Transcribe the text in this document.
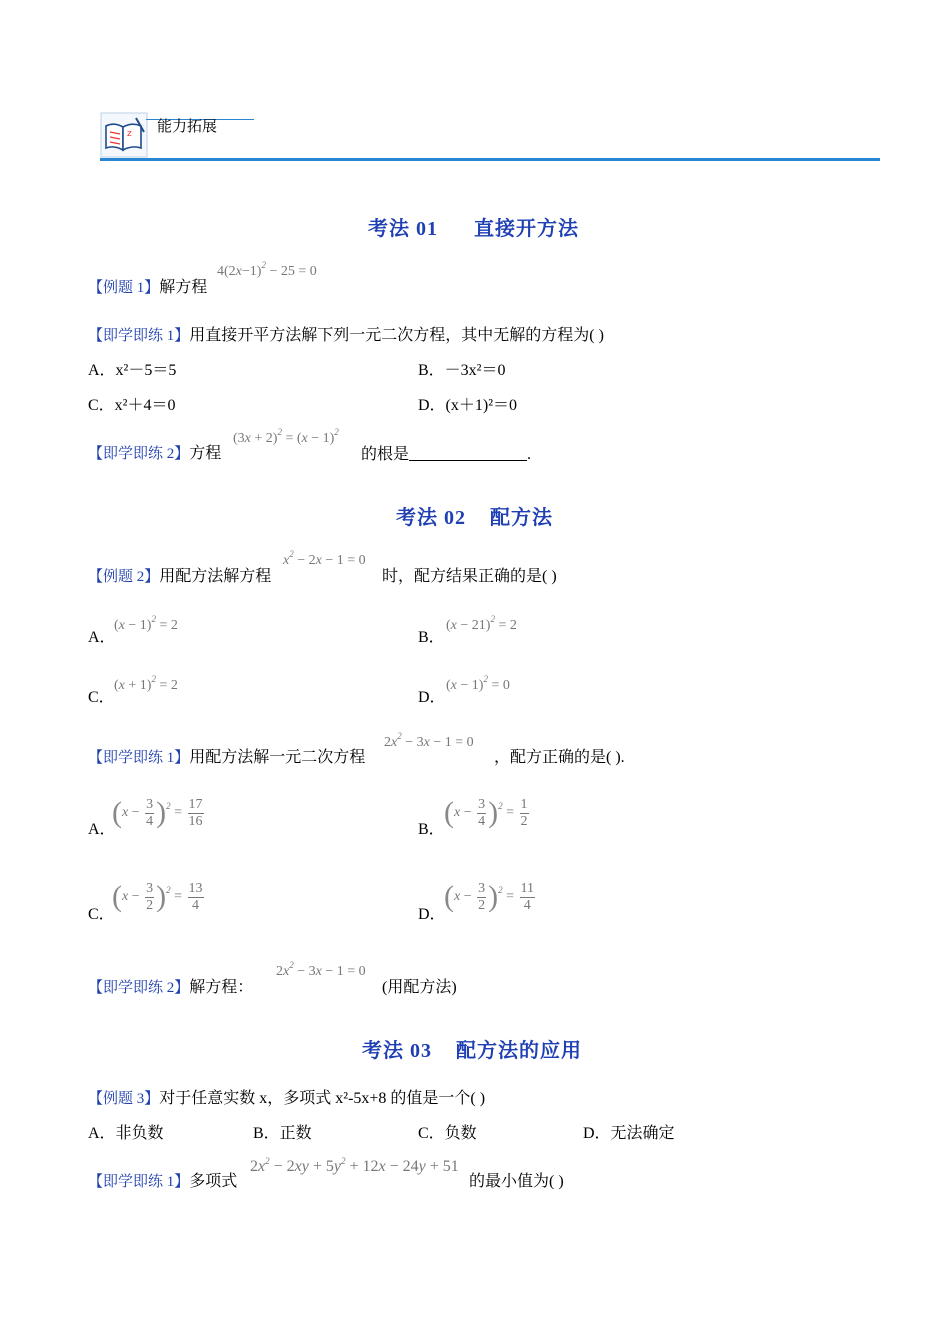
z 能力拓展
考法 01      直接开方法
【例题 1】解方程
$4(2x-1)^2 - 25 = 0$
【即学即练 1】用直接开平方法解下列一元二次方程，其中无解的方程为( )
A．x²－5＝5	B．－3x²＝0
C．x²＋4＝0	D．(x＋1)²＝0
【即学即练 2】方程
$(3x + 2)^2 = (x - 1)^2$
的根是	.
考法 02    配方法
【例题 2】用配方法解方程
$x^2 - 2x - 1 = 0$
时，配方结果正确的是( )
A．
$(x - 1)^2 = 2$
B．
$(x - 21)^2 = 2$
C．
$(x + 1)^2 = 2$
D．
$(x - 1)^2 = 0$
【即学即练 1】用配方法解一元二次方程
$2x^2 - 3x - 1 = 0$
，配方正确的是( ).
A．
$(x - \frac{3}{4} )^2 = \frac{17}{16}$	B．
$(x - \frac{3}{4} )^2 = \frac{1}{2}$
C．
$(x - \frac{3}{2} )^2 = \frac{13}{4}$
D．
$(x - \frac{3}{2} )^2 = \frac{11}{4}$
【即学即练 2】解方程：
$2x^2 - 3x - 1 = 0$
(用配方法)
考法 03    配方法的应用
【例题 3】对于任意实数 x，多项式 x²-5x+8 的值是一个( )
A．非负数	B．正数	C．负数	D．无法确定
【即学即练 1】多项式
$2x^2 - 2xy + 5y^2 + 12x - 24y + 51$
的最小值为( )
